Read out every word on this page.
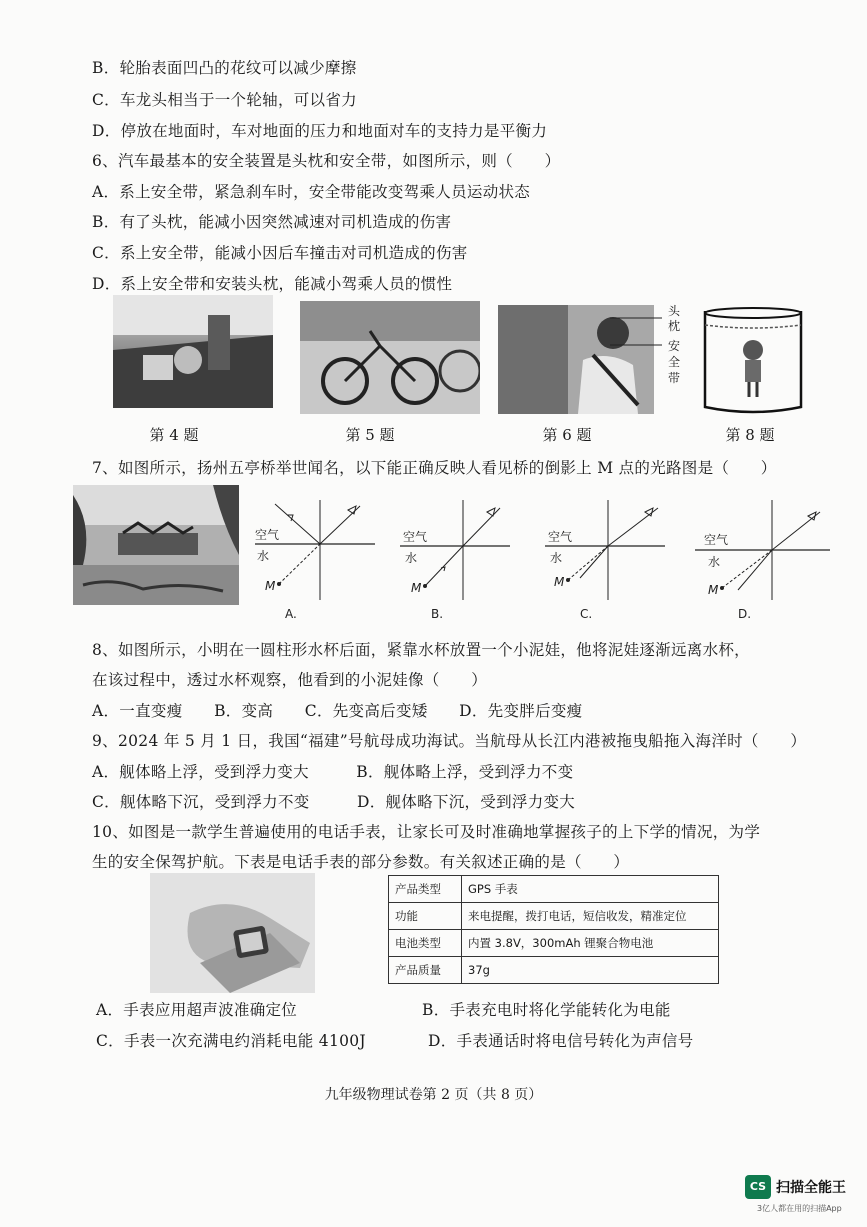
B．轮胎表面凹凸的花纹可以减少摩擦
C．车龙头相当于一个轮轴，可以省力
D．停放在地面时，车对地面的压力和地面对车的支持力是平衡力
6、汽车最基本的安全装置是头枕和安全带，如图所示，则（　　）
A．系上安全带，紧急刹车时，安全带能改变驾乘人员运动状态
B．有了头枕，能减小因突然减速对司机造成的伤害
C．系上安全带，能减小因后车撞击对司机造成的伤害
D．系上安全带和安装头枕，能减小驾乘人员的惯性
头
枕
安
全
带
第 4 题	第 5 题	第 6 题	第 8 题
7、如图所示，扬州五亭桥举世闻名，以下能正确反映人看见桥的倒影上 M 点的光路图是（　　）
空气
水
M
A.
空气
水
M
B.
空气
水
M
C.
空气
水
M
D.
8、如图所示，小明在一圆柱形水杯后面，紧靠水杯放置一个小泥娃，他将泥娃逐渐远离水杯，
在该过程中，透过水杯观察，他看到的小泥娃像（　　）
A．一直变瘦　　B．变高　　C．先变高后变矮　　D．先变胖后变瘦
9、2024 年 5 月 1 日，我国“福建”号航母成功海试。当航母从长江内港被拖曳船拖入海洋时（　　）
A．舰体略上浮，受到浮力变大　　　B．舰体略上浮，受到浮力不变
C．舰体略下沉，受到浮力不变　　　D．舰体略下沉，受到浮力变大
10、如图是一款学生普遍使用的电话手表，让家长可及时准确地掌握孩子的上下学的情况，为学
生的安全保驾护航。下表是电话手表的部分参数。有关叙述正确的是（　　）
产品类型	GPS 手表
功能	来电提醒，拨打电话，短信收发，精准定位
电池类型	内置 3.8V，300mAh 锂聚合物电池
产品质量	37g
A．手表应用超声波准确定位	B．手表充电时将化学能转化为电能
C．手表一次充满电约消耗电能 4100J	D．手表通话时将电信号转化为声信号
九年级物理试卷第 2 页（共 8 页）
CS 扫描全能王
3亿人都在用的扫描App
